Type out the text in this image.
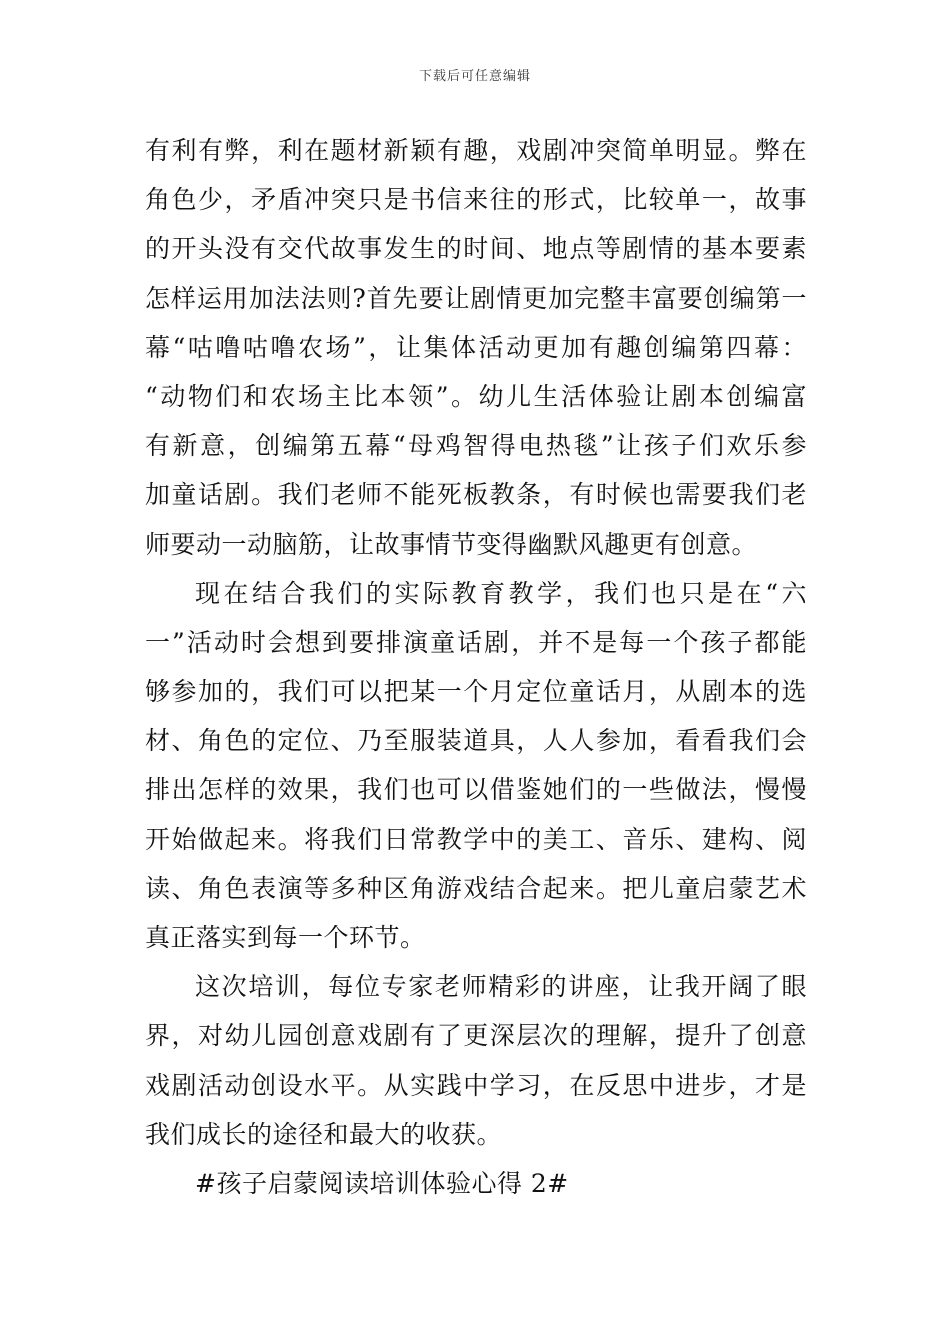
下载后可任意编辑
有利有弊，利在题材新颖有趣，戏剧冲突简单明显。弊在
角色少，矛盾冲突只是书信来往的形式，比较单一，故事
的开头没有交代故事发生的时间、地点等剧情的基本要素
怎样运用加法法则?首先要让剧情更加完整丰富要创编第一
幕“咕噜咕噜农场”，让集体活动更加有趣创编第四幕：
“动物们和农场主比本领”。幼儿生活体验让剧本创编富
有新意，创编第五幕“母鸡智得电热毯”让孩子们欢乐参
加童话剧。我们老师不能死板教条，有时候也需要我们老
师要动一动脑筋，让故事情节变得幽默风趣更有创意。
现在结合我们的实际教育教学，我们也只是在“六
一”活动时会想到要排演童话剧，并不是每一个孩子都能
够参加的，我们可以把某一个月定位童话月，从剧本的选
材、角色的定位、乃至服装道具，人人参加，看看我们会
排出怎样的效果，我们也可以借鉴她们的一些做法，慢慢
开始做起来。将我们日常教学中的美工、音乐、建构、阅
读、角色表演等多种区角游戏结合起来。把儿童启蒙艺术
真正落实到每一个环节。
这次培训，每位专家老师精彩的讲座，让我开阔了眼
界，对幼儿园创意戏剧有了更深层次的理解，提升了创意
戏剧活动创设水平。从实践中学习，在反思中进步，才是
我们成长的途径和最大的收获。
#孩子启蒙阅读培训体验心得 2#
